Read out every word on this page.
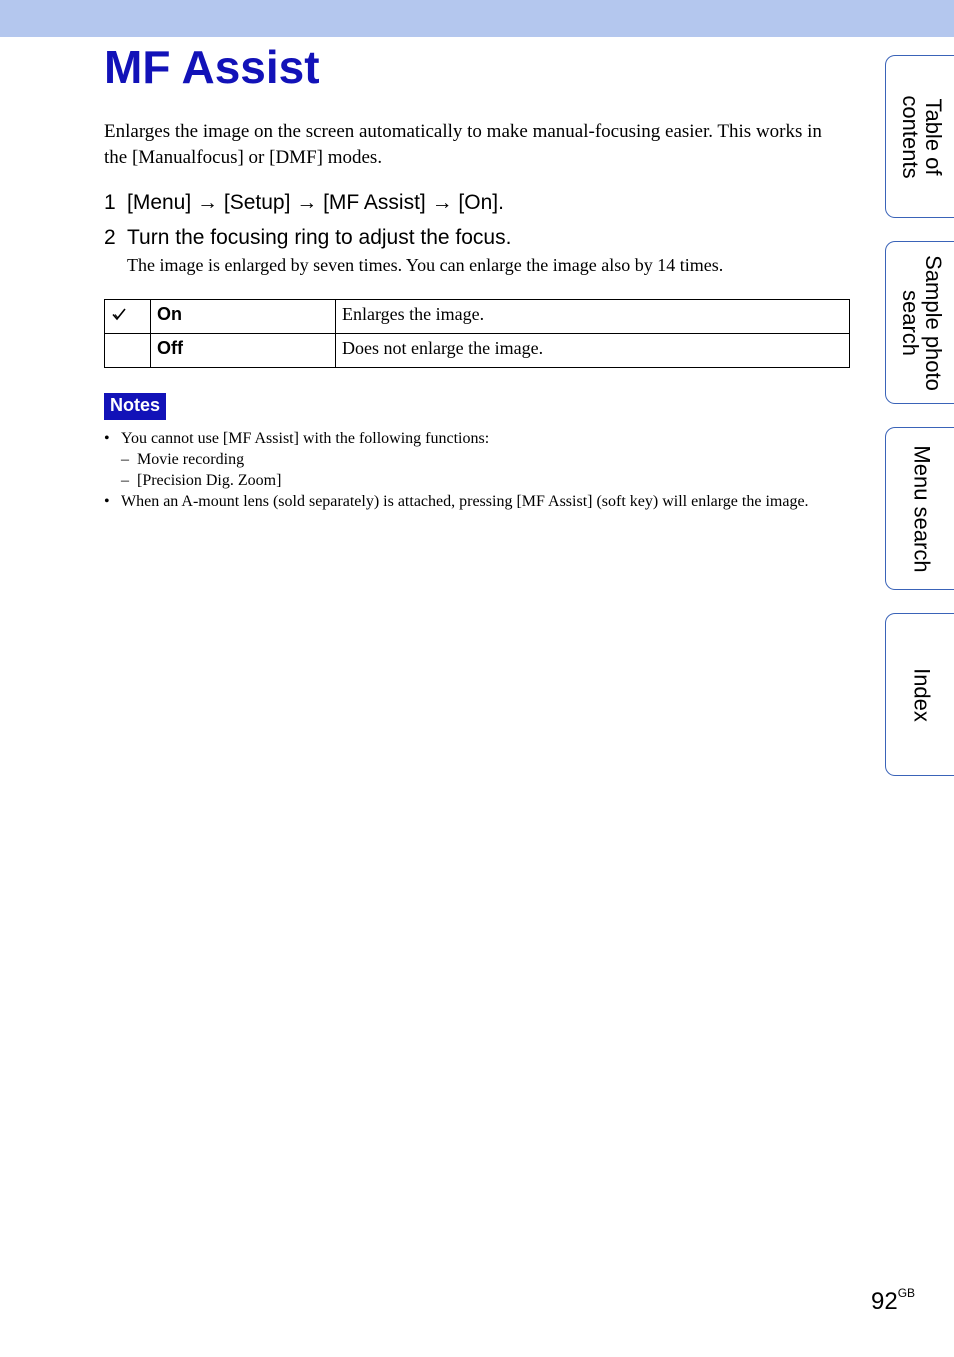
MF Assist

Enlarges the image on the screen automatically to make manual-focusing easier. This works in the [Manualfocus] or [DMF] modes.

1 [Menu] → [Setup] → [MF Assist] → [On].

2 Turn the focusing ring to adjust the focus.

The image is enlarged by seven times. You can enlarge the image also by 14 times.

	On	Enlarges the image.
	Off	Does not enlarge the image.
Notes
• You cannot use [MF Assist] with the following functions:
– Movie recording
– [Precision Dig. Zoom]
• When an A-mount lens (sold separately) is attached, pressing [MF Assist] (soft key) will enlarge the image.
Table of
contents
Sample photo
search
Menu search
Index
$92^{GB}$
